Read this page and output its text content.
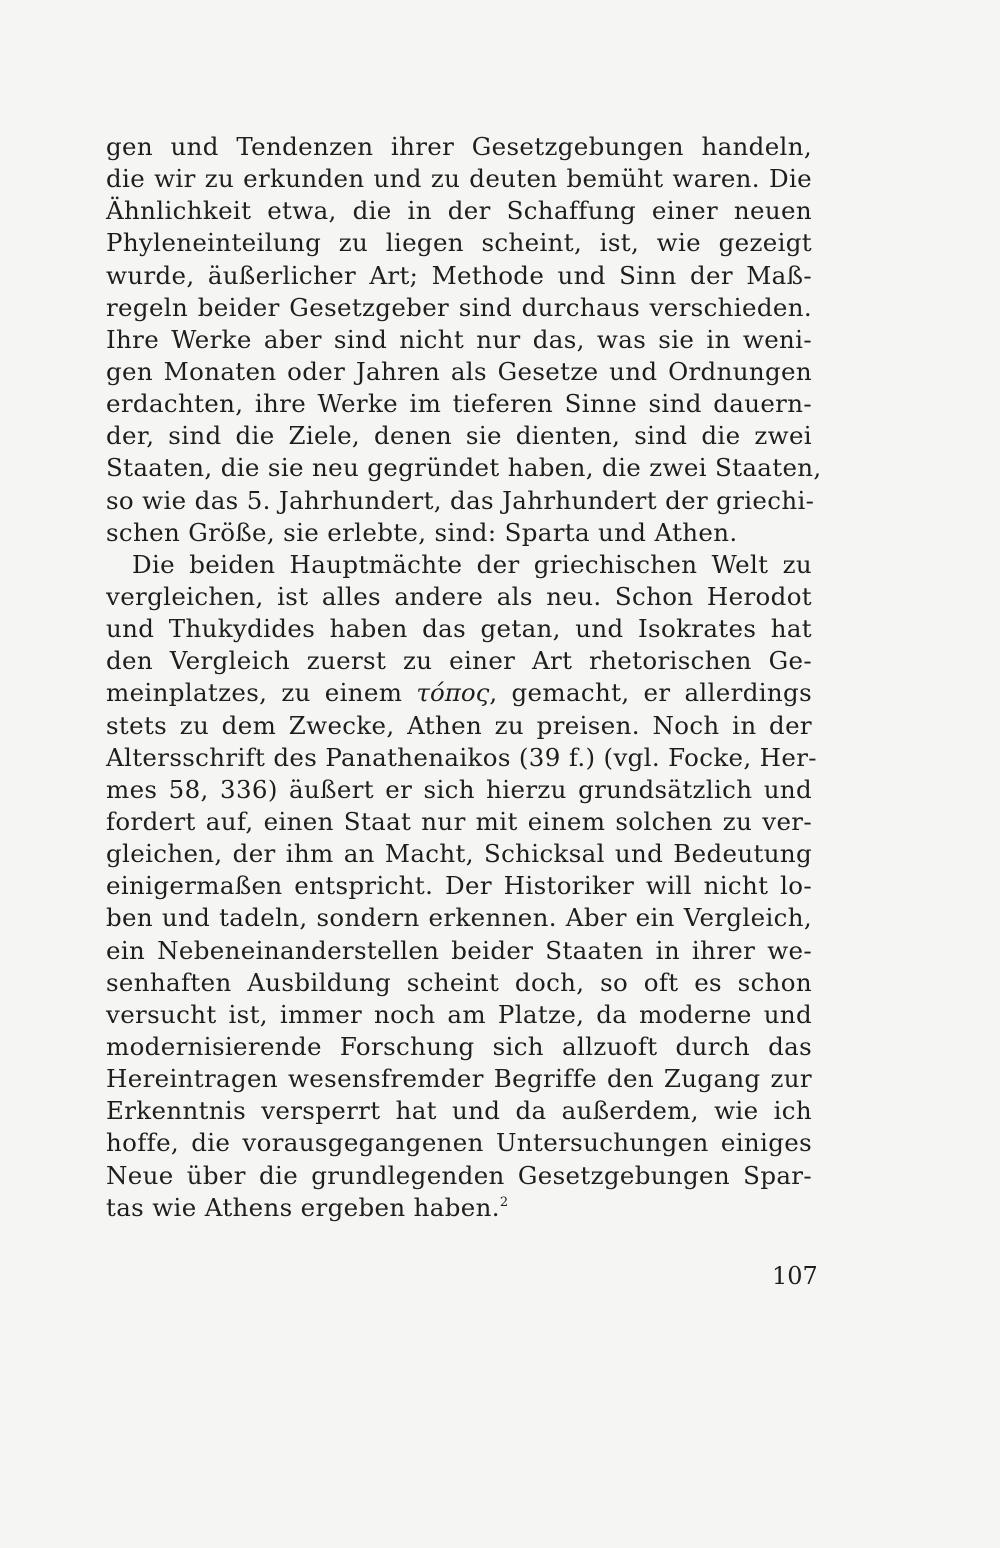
gen und Tendenzen ihrer Gesetzgebungen handeln,
die wir zu erkunden und zu deuten bemüht waren. Die
Ähnlichkeit etwa, die in der Schaffung einer neuen
Phyleneinteilung zu liegen scheint, ist, wie gezeigt
wurde, äußerlicher Art; Methode und Sinn der Maß-
regeln beider Gesetzgeber sind durchaus verschieden.
Ihre Werke aber sind nicht nur das, was sie in weni-
gen Monaten oder Jahren als Gesetze und Ordnungen
erdachten, ihre Werke im tieferen Sinne sind dauern-
der, sind die Ziele, denen sie dienten, sind die zwei
Staaten, die sie neu gegründet haben, die zwei Staaten,
so wie das 5. Jahrhundert, das Jahrhundert der griechi-
schen Größe, sie erlebte, sind: Sparta und Athen.
Die beiden Hauptmächte der griechischen Welt zu
vergleichen, ist alles andere als neu. Schon Herodot
und Thukydides haben das getan, und Isokrates hat
den Vergleich zuerst zu einer Art rhetorischen Ge-
meinplatzes, zu einem τόπος, gemacht, er allerdings
stets zu dem Zwecke, Athen zu preisen. Noch in der
Altersschrift des Panathenaikos (39 f.) (vgl. Focke, Her-
mes 58, 336) äußert er sich hierzu grundsätzlich und
fordert auf, einen Staat nur mit einem solchen zu ver-
gleichen, der ihm an Macht, Schicksal und Bedeutung
einigermaßen entspricht. Der Historiker will nicht lo-
ben und tadeln, sondern erkennen. Aber ein Vergleich,
ein Nebeneinanderstellen beider Staaten in ihrer we-
senhaften Ausbildung scheint doch, so oft es schon
versucht ist, immer noch am Platze, da moderne und
modernisierende Forschung sich allzuoft durch das
Hereintragen wesensfremder Begriffe den Zugang zur
Erkenntnis versperrt hat und da außerdem, wie ich
hoffe, die vorausgegangenen Untersuchungen einiges
Neue über die grundlegenden Gesetzgebungen Spar-
tas wie Athens ergeben haben.$^2$
107
